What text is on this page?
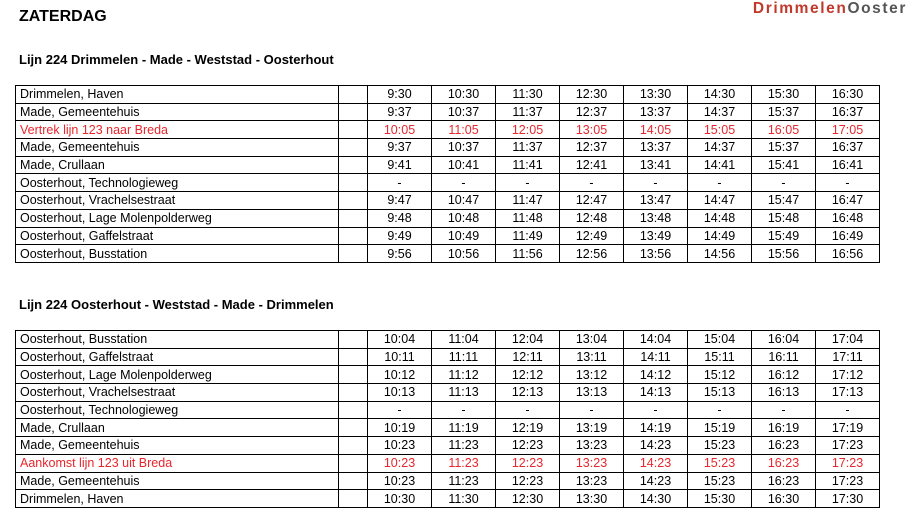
ZATERDAG	DrimmelenOoster
Lijn 224 Drimmelen - Made - Weststad - Oosterhout
Drimmelen, Haven		9:30	10:30	11:30	12:30	13:30	14:30	15:30	16:30
Made, Gemeentehuis		9:37	10:37	11:37	12:37	13:37	14:37	15:37	16:37
Vertrek lijn 123 naar Breda		10:05	11:05	12:05	13:05	14:05	15:05	16:05	17:05
Made, Gemeentehuis		9:37	10:37	11:37	12:37	13:37	14:37	15:37	16:37
Made, Crullaan		9:41	10:41	11:41	12:41	13:41	14:41	15:41	16:41
Oosterhout, Technologieweg		-	-	-	-	-	-	-	-
Oosterhout, Vrachelsestraat		9:47	10:47	11:47	12:47	13:47	14:47	15:47	16:47
Oosterhout, Lage Molenpolderweg		9:48	10:48	11:48	12:48	13:48	14:48	15:48	16:48
Oosterhout, Gaffelstraat		9:49	10:49	11:49	12:49	13:49	14:49	15:49	16:49
Oosterhout, Busstation		9:56	10:56	11:56	12:56	13:56	14:56	15:56	16:56
Lijn 224 Oosterhout - Weststad - Made - Drimmelen
Oosterhout, Busstation		10:04	11:04	12:04	13:04	14:04	15:04	16:04	17:04
Oosterhout, Gaffelstraat		10:11	11:11	12:11	13:11	14:11	15:11	16:11	17:11
Oosterhout, Lage Molenpolderweg		10:12	11:12	12:12	13:12	14:12	15:12	16:12	17:12
Oosterhout, Vrachelsestraat		10:13	11:13	12:13	13:13	14:13	15:13	16:13	17:13
Oosterhout, Technologieweg		-	-	-	-	-	-	-	-
Made, Crullaan		10:19	11:19	12:19	13:19	14:19	15:19	16:19	17:19
Made, Gemeentehuis		10:23	11:23	12:23	13:23	14:23	15:23	16:23	17:23
Aankomst lijn 123 uit Breda		10:23	11:23	12:23	13:23	14:23	15:23	16:23	17:23
Made, Gemeentehuis		10:23	11:23	12:23	13:23	14:23	15:23	16:23	17:23
Drimmelen, Haven		10:30	11:30	12:30	13:30	14:30	15:30	16:30	17:30
